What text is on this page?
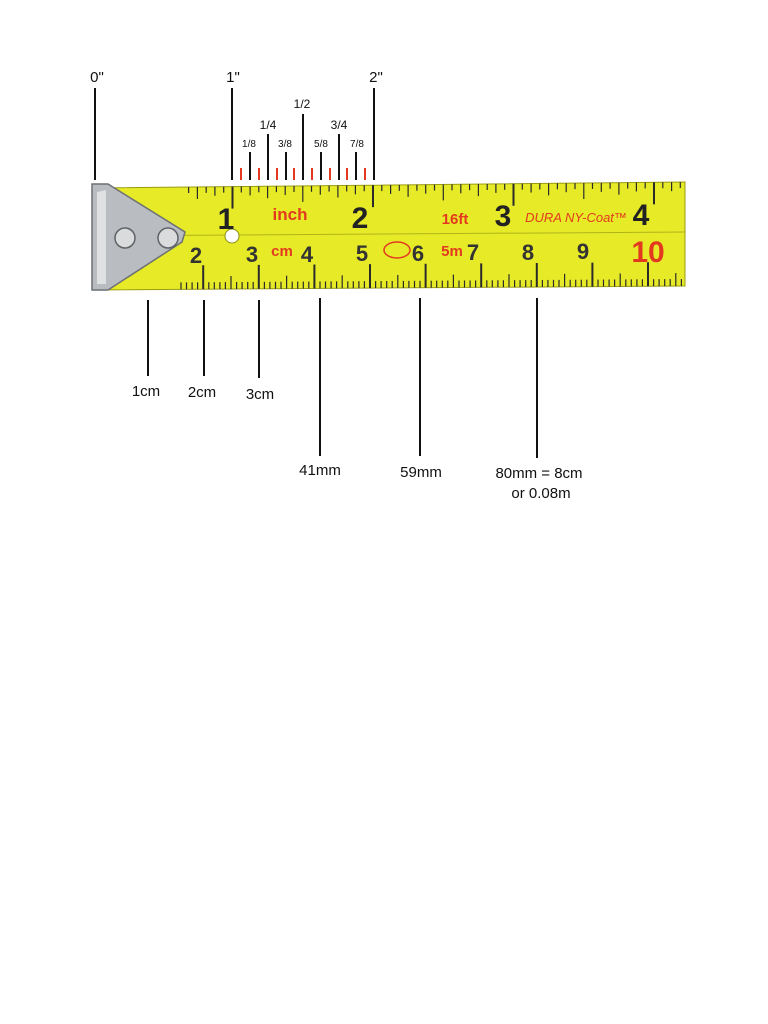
1	2	3	4
inch	16ft	DURA NY-Coat™
2 3 cm 4 5 6 5m 7 8 9 10
0"	1"	2"
1/2
1/4	3/4
1/8 3/8 5/8 7/8
1cm 2cm 3cm
41mm	59mm	80mm = 8cm
or 0.08m
